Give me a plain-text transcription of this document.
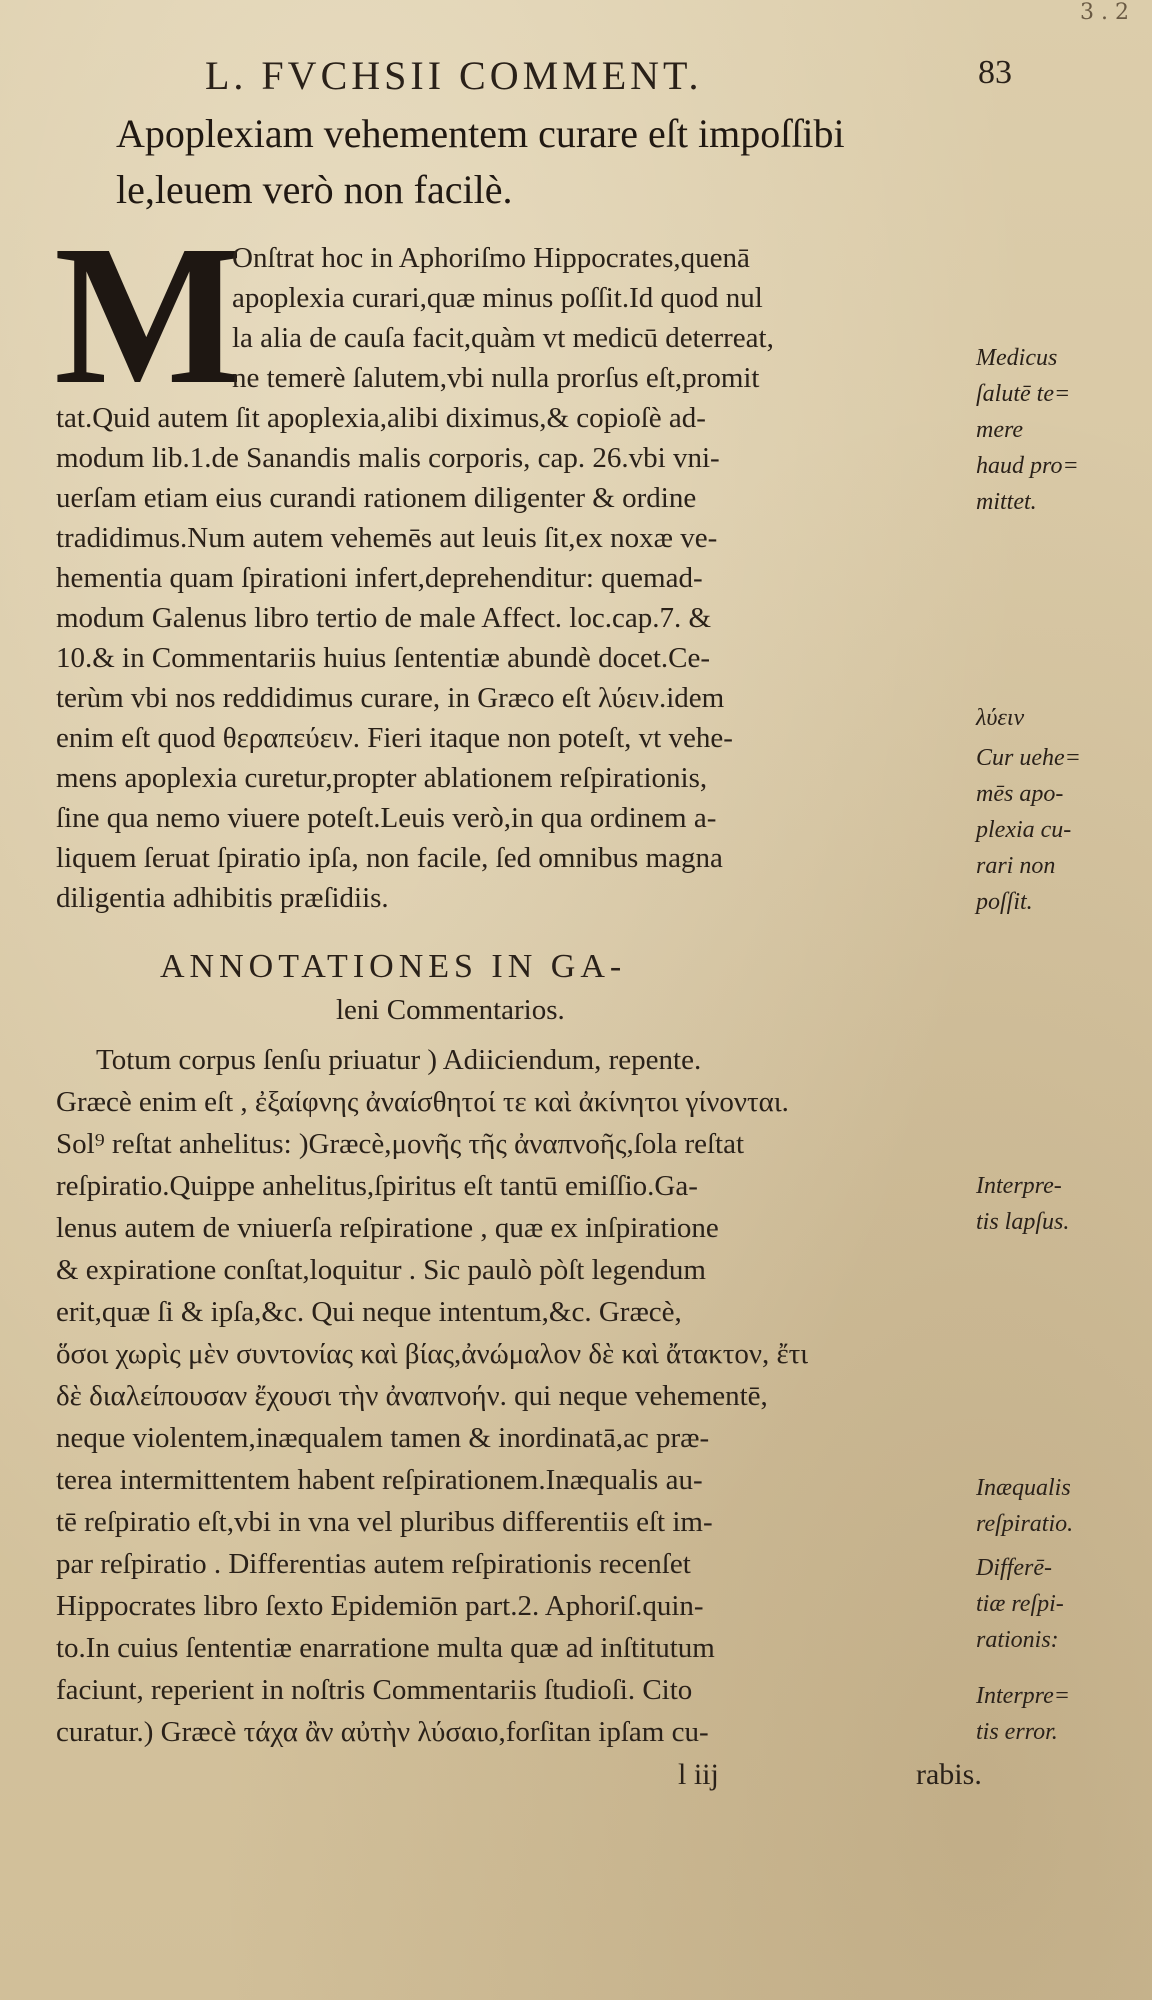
3 . 2
L. FVCHSII COMMENT.	83
Apoplexiam vehementem curare eſt impoſſibi
le,leuem verò non facilè.
M
Onſtrat hoc in Aphoriſmo Hippocrates,quenā
apoplexia curari,quæ minus poſſit.Id quod nul
la alia de cauſa facit,quàm vt medicū deterreat,
ne temerè ſalutem,vbi nulla prorſus eſt,promit
tat.Quid autem ſit apoplexia,alibi diximus,& copioſè ad-
modum lib.1.de Sanandis malis corporis, cap. 26.vbi vni-
uerſam etiam eius curandi rationem diligenter & ordine
tradidimus.Num autem vehemēs aut leuis ſit,ex noxæ ve-
hementia quam ſpirationi infert,deprehenditur: quemad-
modum Galenus libro tertio de male Affect. loc.cap.7. &
10.& in Commentariis huius ſententiæ abundè docet.Ce-
terùm vbi nos reddidimus curare, in Græco eſt λύειν.idem
enim eſt quod θεραπεύειν. Fieri itaque non poteſt, vt vehe-
mens apoplexia curetur,propter ablationem reſpirationis,
ſine qua nemo viuere poteſt.Leuis verò,in qua ordinem a-
liquem ſeruat ſpiratio ipſa, non facile, ſed omnibus magna
diligentia adhibitis præſidiis.
ANNOTATIONES IN GA-
leni Commentarios.
Totum corpus ſenſu priuatur ) Adiiciendum, repente.
Græcè enim eſt , ἐξαίφνης ἀναίσθητοί τε καὶ ἀκίνητοι γίνονται.
Sol⁹ reſtat anhelitus: )Græcè,μονῆς τῆς ἀναπνοῆς,ſola reſtat
reſpiratio.Quippe anhelitus,ſpiritus eſt tantū emiſſio.Ga-
lenus autem de vniuerſa reſpiratione , quæ ex inſpiratione
& expiratione conſtat,loquitur . Sic paulò pòſt legendum
erit,quæ ſi & ipſa,&c. Qui neque intentum,&c. Græcè,
ὅσοι χωρὶς μὲν συντονίας καὶ βίας,ἀνώμαλον δὲ καὶ ἄτακτον, ἔτι
δὲ διαλείπουσαν ἔχουσι τὴν ἀναπνοήν. qui neque vehementē,
neque violentem,inæqualem tamen & inordinatā,ac præ-
terea intermittentem habent reſpirationem.Inæqualis au-
tē reſpiratio eſt,vbi in vna vel pluribus differentiis eſt im-
par reſpiratio . Differentias autem reſpirationis recenſet
Hippocrates libro ſexto Epidemiōn part.2. Aphoriſ.quin-
to.In cuius ſententiæ enarratione multa quæ ad inſtitutum
faciunt, reperient in noſtris Commentariis ſtudioſi. Cito
curatur.) Græcè τάχα ἂν αὐτὴν λύσαιο,forſitan ipſam cu-
l iij	rabis.
Medicus
ſalutē te=
mere
haud pro=
mittet.
λύειν
Cur uehe=
mēs apo-
plexia cu-
rari non
poſſit.
Interpre-
tis lapſus.
Inæqualis
reſpiratio.
Differē-
tiæ reſpi-
rationis:
Interpre=
tis error.
